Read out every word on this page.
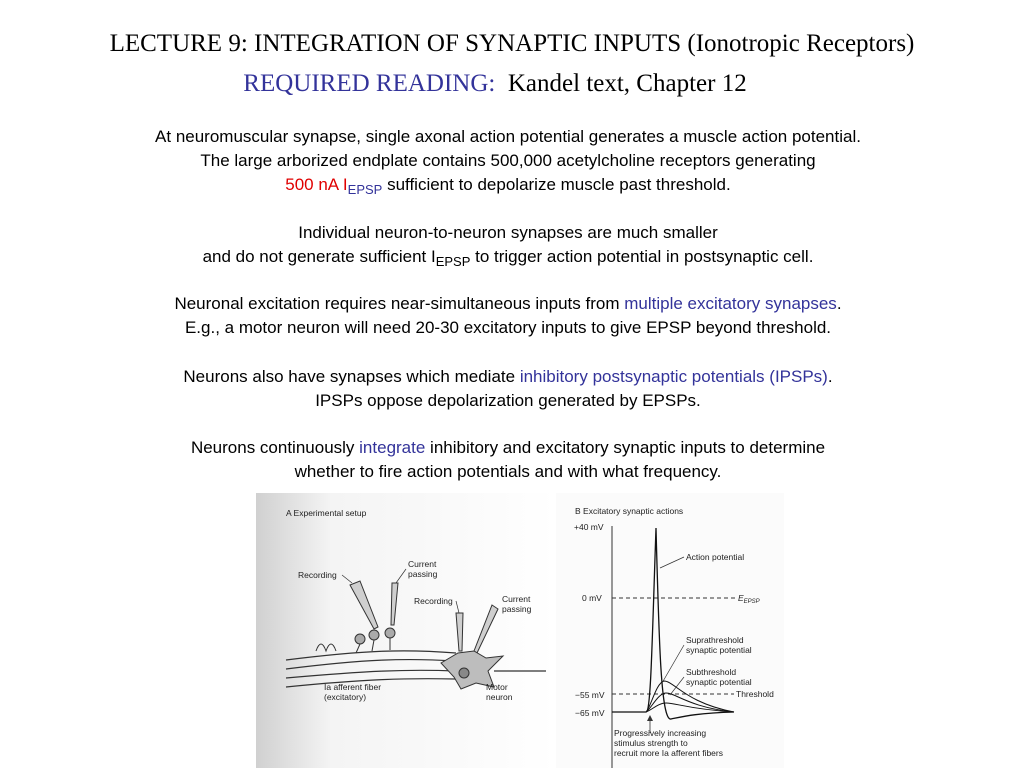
LECTURE 9: INTEGRATION OF SYNAPTIC INPUTS (Ionotropic Receptors)
REQUIRED READING: Kandel text, Chapter 12
At neuromuscular synapse, single axonal action potential generates a muscle action potential.
The large arborized endplate contains 500,000 acetylcholine receptors generating
500 nA $I_{EPSP}$ sufficient to depolarize muscle past threshold.
Individual neuron-to-neuron synapses are much smaller
and do not generate sufficient $I_{EPSP}$ to trigger action potential in postsynaptic cell.
Neuronal excitation requires near-simultaneous inputs from multiple excitatory synapses.
E.g., a motor neuron will need 20-30 excitatory inputs to give EPSP beyond threshold.
Neurons also have synapses which mediate inhibitory postsynaptic potentials (IPSPs).
IPSPs oppose depolarization generated by EPSPs.
Neurons continuously integrate inhibitory and excitatory synaptic inputs to determine
whether to fire action potentials and with what frequency.
A Experimental setup
Recording
Current
passing
Recording	Current
passing
Ia afferent fiber
(excitatory)
Motor
neuron
B Excitatory synaptic actions
+40 mV
0 mV
−55 mV
−65 mV
Action potential
$E_{EPSP}$
Suprathreshold
synaptic potential
Subthreshold
synaptic potential
Threshold
Progressively increasing
stimulus strength to
recruit more Ia afferent fibers
